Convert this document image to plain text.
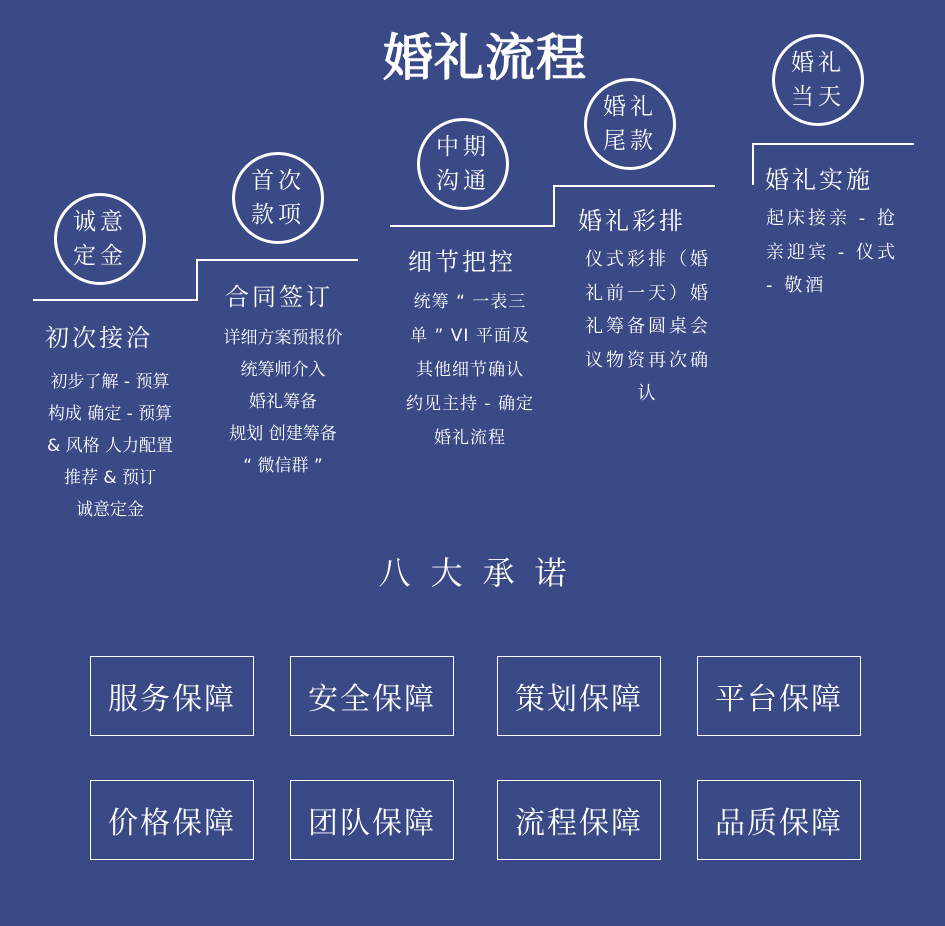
婚礼流程
诚意定金
初次接洽
初步了解 - 预算
构成 确定 - 预算
& 风格 人力配置
推荐 & 预订
诚意定金
首次款项
合同签订
详细方案预报价
统筹师介入
婚礼筹备
规划 创建筹备
“ 微信群 ”
中期沟通
细节把控
统筹 “ 一表三
单 ” VI 平面及
其他细节确认
约见主持 - 确定
婚礼流程
婚礼尾款
婚礼彩排
仪式彩排（婚礼前一天）婚礼筹备圆桌会议物资再次确认
婚礼当天
婚礼实施
起床接亲 - 抢亲迎宾 - 仪式 - 敬酒
八大承诺
服务保障	安全保障	策划保障	平台保障
价格保障	团队保障	流程保障	品质保障
